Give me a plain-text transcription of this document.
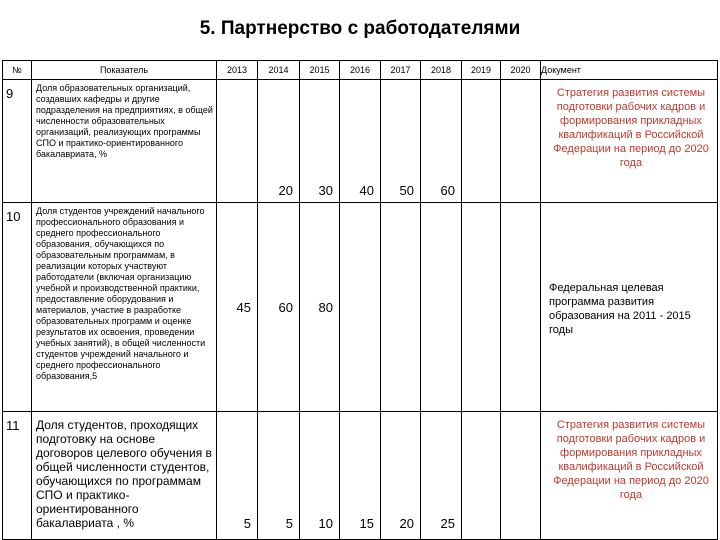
5. Партнерство с работодателями
№	Показатель	2013	2014	2015	2016	2017	2018	2019	2020	Документ
9	Доля образовательных организаций, создавших кафедры и другие подразделения на предприятиях, в общей численности образовательных организаций, реализующих программы СПО и практико-ориентированного бакалавриата, %		20	30	40	50	60			Стратегия развития системы подготовки рабочих кадров и формирования прикладных квалификаций в Российской Федерации на период до 2020 года
10	Доля студентов учреждений начального профессионального образования и среднего профессионального образования, обучающихся по образовательным программам, в реализации которых участвуют работодатели (включая организацию учебной и производственной практики, предоставление оборудования и материалов, участие в разработке образовательных программ и оценке результатов их освоения, проведении учебных занятий), в общей численности студентов учреждений начального и среднего профессионального образования,5	45	60	80						Федеральная целевая программа развития образования на 2011 - 2015 годы
11	Доля студентов, проходящих подготовку на основе договоров целевого обучения в общей численности студентов, обучающихся по программам СПО и практико-ориентированного бакалавриата , %	5	5	10	15	20	25			Стратегия развития системы подготовки рабочих кадров и формирования прикладных квалификаций в Российской Федерации на период до 2020 года
